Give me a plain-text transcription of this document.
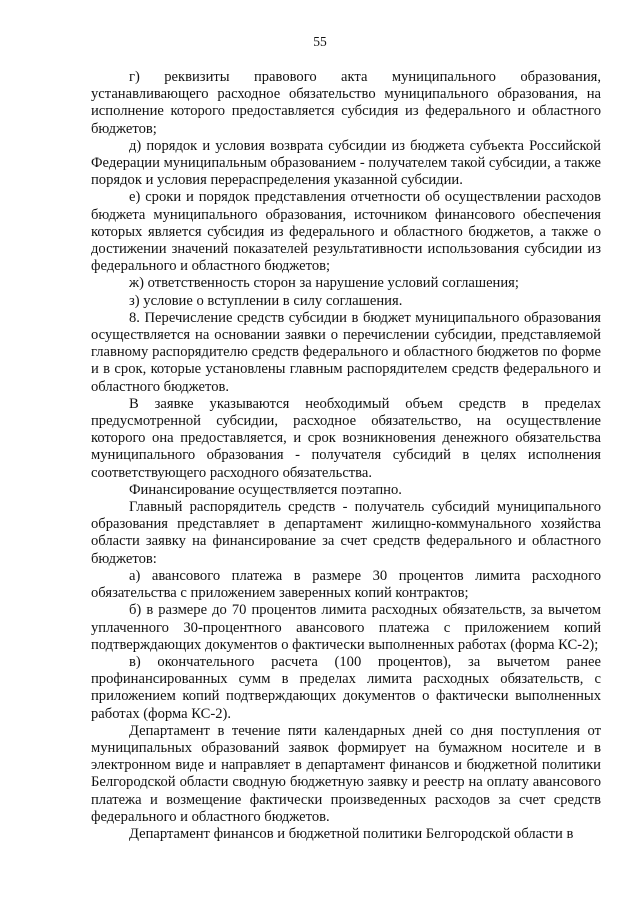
55

г) реквизиты правового акта муниципального образования, устанавливающего расходное обязательство муниципального образования, на исполнение которого предоставляется субсидия из федерального и областного бюджетов;

д) порядок и условия возврата субсидии из бюджета субъекта Российской Федерации муниципальным образованием - получателем такой субсидии, а также порядок и условия перераспределения указанной субсидии.

е) сроки и порядок представления отчетности об осуществлении расходов бюджета муниципального образования, источником финансового обеспечения которых является субсидия из федерального и областного бюджетов, а также о достижении значений показателей результативности использования субсидии из федерального и областного бюджетов;

ж) ответственность сторон за нарушение условий соглашения;

з) условие о вступлении в силу соглашения.

8. Перечисление средств субсидии в бюджет муниципального образования осуществляется на основании заявки о перечислении субсидии, представляемой главному распорядителю средств федерального и областного бюджетов по форме и в срок, которые установлены главным распорядителем средств федерального и областного бюджетов.

В заявке указываются необходимый объем средств в пределах предусмотренной субсидии, расходное обязательство, на осуществление которого она предоставляется, и срок возникновения денежного обязательства муниципального образования - получателя субсидий в целях исполнения соответствующего расходного обязательства.

Финансирование осуществляется поэтапно.

Главный распорядитель средств - получатель субсидий муниципального образования представляет в департамент жилищно-коммунального хозяйства области заявку на финансирование за счет средств федерального и областного бюджетов:

а) авансового платежа в размере 30 процентов лимита расходного обязательства с приложением заверенных копий контрактов;

б) в размере до 70 процентов лимита расходных обязательств, за вычетом уплаченного 30-процентного авансового платежа с приложением копий подтверждающих документов о фактически выполненных работах (форма КС-2);

в) окончательного расчета (100 процентов), за вычетом ранее профинансированных сумм в пределах лимита расходных обязательств, с приложением копий подтверждающих документов о фактически выполненных работах (форма КС-2).

Департамент в течение пяти календарных дней со дня поступления от муниципальных образований заявок формирует на бумажном носителе и в электронном виде и направляет в департамент финансов и бюджетной политики Белгородской области сводную бюджетную заявку и реестр на оплату авансового платежа и возмещение фактически произведенных расходов за счет средств федерального и областного бюджетов.

Департамент финансов и бюджетной политики Белгородской области в
